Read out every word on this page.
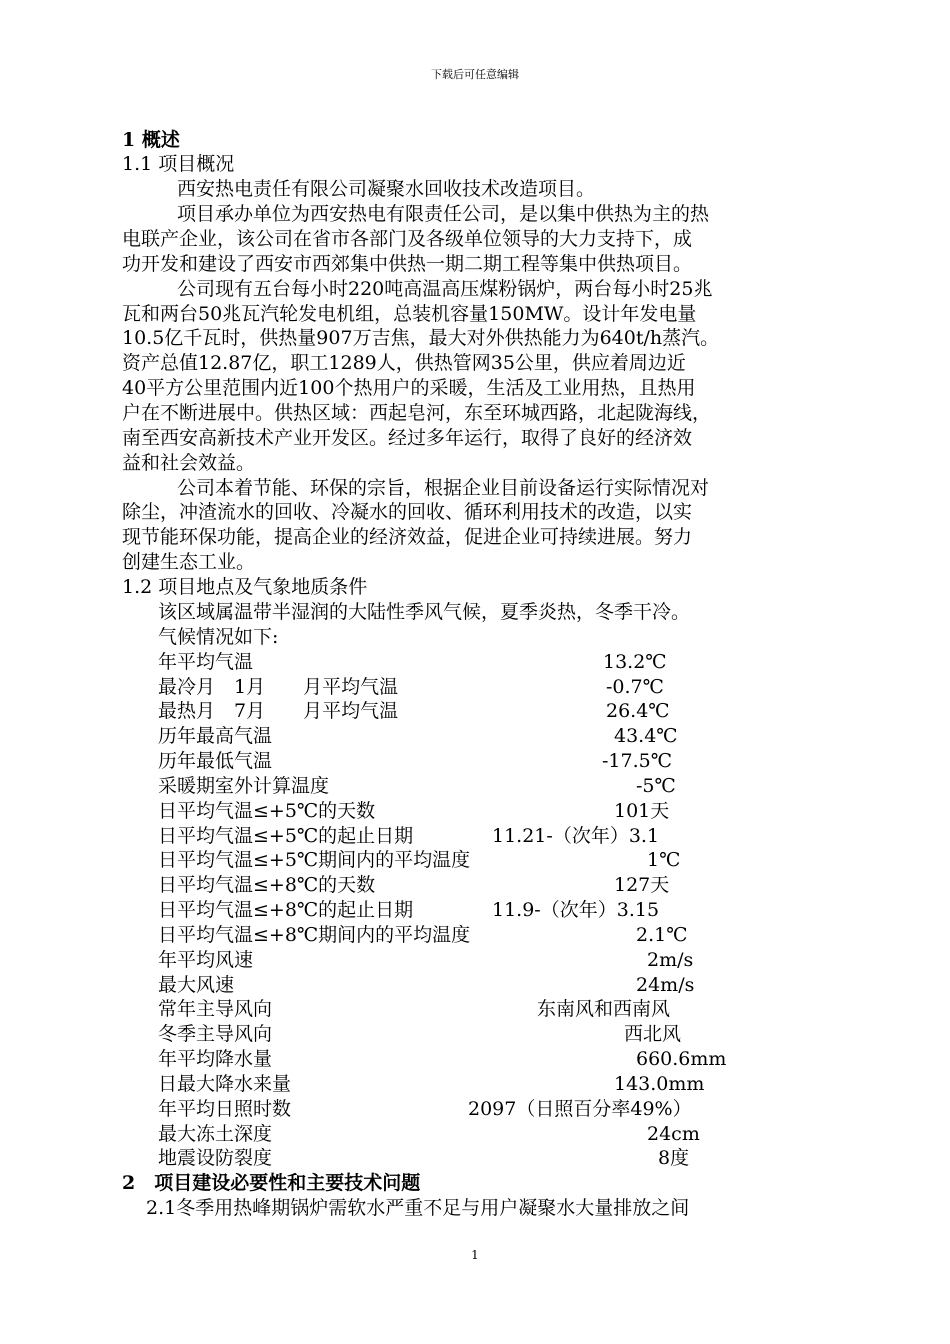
下载后可任意编辑
1 概述
1.1 项目概况
西安热电责任有限公司凝聚水回收技术改造项目。
项目承办单位为西安热电有限责任公司，是以集中供热为主的热
电联产企业，该公司在省市各部门及各级单位领导的大力支持下，成
功开发和建设了西安市西郊集中供热一期二期工程等集中供热项目。
公司现有五台每小时220吨高温高压煤粉锅炉，两台每小时25兆
瓦和两台50兆瓦汽轮发电机组，总装机容量150MW。设计年发电量
10.5亿千瓦时，供热量907万吉焦，最大对外供热能力为640t/h蒸汽。
资产总值12.87亿，职工1289人，供热管网35公里，供应着周边近
40平方公里范围内近100个热用户的采暖，生活及工业用热，且热用
户在不断进展中。供热区域：西起皂河，东至环城西路，北起陇海线，
南至西安高新技术产业开发区。经过多年运行，取得了良好的经济效
益和社会效益。
公司本着节能、环保的宗旨，根据企业目前设备运行实际情况对
除尘，冲渣流水的回收、冷凝水的回收、循环利用技术的改造，以实
现节能环保功能，提高企业的经济效益，促进企业可持续进展。努力
创建生态工业。
1.2 项目地点及气象地质条件
该区域属温带半湿润的大陆性季风气候，夏季炎热，冬季干冷。
气候情况如下:
年平均气温	13.2℃
最冷月　1月　　月平均气温	-0.7℃
最热月　7月　　月平均气温	26.4℃
历年最高气温	43.4℃
历年最低气温	-17.5℃
采暖期室外计算温度	-5℃
日平均气温≤+5℃的天数	101天
日平均气温≤+5℃的起止日期	11.21-（次年）3.1
日平均气温≤+5℃期间内的平均温度	1℃
日平均气温≤+8℃的天数	127天
日平均气温≤+8℃的起止日期	11.9-（次年）3.15
日平均气温≤+8℃期间内的平均温度	2.1℃
年平均风速	2m/s
最大风速	24m/s
常年主导风向	东南风和西南风
冬季主导风向	西北风
年平均降水量	660.6mm
日最大降水来量	143.0mm
年平均日照时数	2097（日照百分率49%）
最大冻土深度	24cm
地震设防裂度	8度
2　项目建设必要性和主要技术问题
2.1冬季用热峰期锅炉需软水严重不足与用户凝聚水大量排放之间
1
